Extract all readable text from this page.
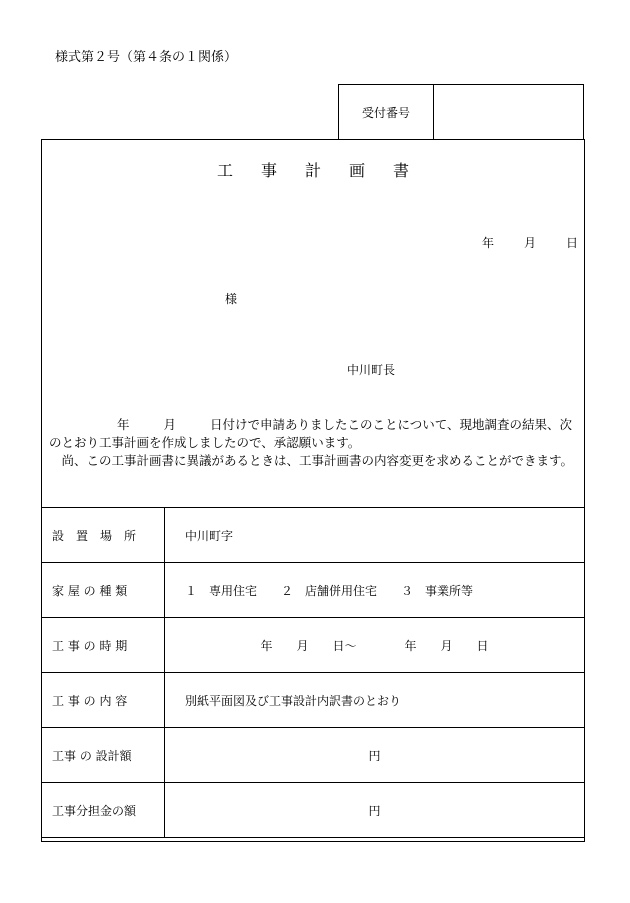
様式第２号（第４条の１関係）
受付番号
工 事 計 画 書
年	月	日
様
中川町長

年	月	日付けで申請ありましたこのことについて、現地調査の結果、次のとおり工事計画を作成しましたので、承認願います。

　尚、この工事計画書に異議があるときは、工事計画書の内容変更を求めることができます。

設　置　場　所	中川町字
家 屋 の 種 類	１　専用住宅　　２　店舗併用住宅　　３　事業所等
工 事 の 時 期	年　　月　　日～　　　　年　　月　　日
工 事 の 内 容	別紙平面図及び工事設計内訳書のとおり
工事 の 設計額	円
工事分担金の額	円
